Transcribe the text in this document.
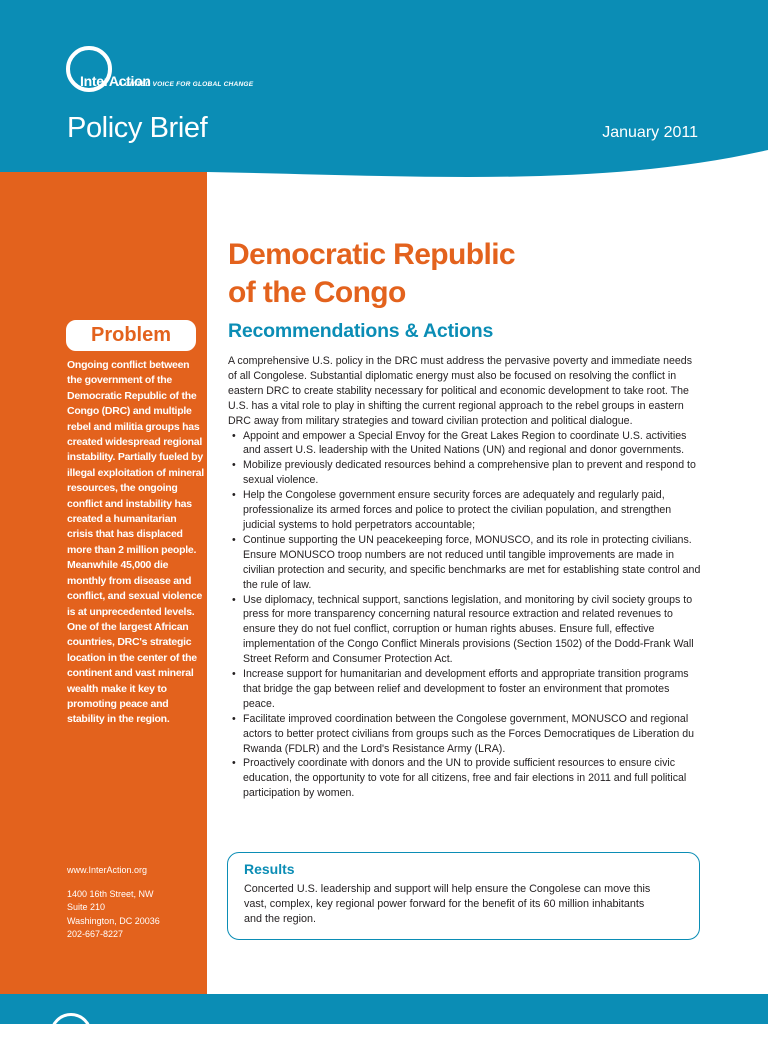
InterAction
A UNITED VOICE FOR GLOBAL CHANGE
Policy Brief	January 2011
Problem
Ongoing conflict between the government of the Democratic Republic of the Congo (DRC) and multiple rebel and militia groups has created widespread regional instability. Partially fueled by illegal exploitation of mineral resources, the ongoing conflict and instability has created a humanitarian crisis that has displaced more than 2 million people. Meanwhile 45,000 die monthly from disease and conflict, and sexual violence is at unprecedented levels. One of the largest African countries, DRC's strategic location in the center of the continent and vast mineral wealth make it key to promoting peace and stability in the region.
www.InterAction.org
1400 16th Street, NW
Suite 210
Washington, DC 20036
202-667-8227
Democratic Republic
of the Congo
Recommendations & Actions

A comprehensive U.S. policy in the DRC must address the pervasive poverty and immediate needs of all Congolese. Substantial diplomatic energy must also be focused on resolving the conflict in eastern DRC to create stability necessary for political and economic development to take root. The U.S. has a vital role to play in shifting the current regional approach to the rebel groups in eastern DRC away from military strategies and toward civilian protection and political dialogue.

• Appoint and empower a Special Envoy for the Great Lakes Region to coordinate U.S. activities and assert U.S. leadership with the United Nations (UN) and regional and donor governments.
• Mobilize previously dedicated resources behind a comprehensive plan to prevent and respond to sexual violence.
• Help the Congolese government ensure security forces are adequately and regularly paid, professionalize its armed forces and police to protect the civilian population, and strengthen judicial systems to hold perpetrators accountable;
• Continue supporting the UN peacekeeping force, MONUSCO, and its role in protecting civilians. Ensure MONUSCO troop numbers are not reduced until tangible improvements are made in civilian protection and security, and specific benchmarks are met for establishing state control and the rule of law.
• Use diplomacy, technical support, sanctions legislation, and monitoring by civil society groups to press for more transparency concerning natural resource extraction and related revenues to ensure they do not fuel conflict, corruption or human rights abuses. Ensure full, effective implementation of the Congo Conflict Minerals provisions (Section 1502) of the Dodd-Frank Wall Street Reform and Consumer Protection Act.
• Increase support for humanitarian and development efforts and appropriate transition programs that bridge the gap between relief and development to foster an environment that promotes peace.
• Facilitate improved coordination between the Congolese government, MONUSCO and regional actors to better protect civilians from groups such as the Forces Democratiques de Liberation du Rwanda (FDLR) and the Lord's Resistance Army (LRA).
• Proactively coordinate with donors and the UN to provide sufficient resources to ensure civic education, the opportunity to vote for all citizens, free and fair elections in 2011 and full political participation by women.
Results
Concerted U.S. leadership and support will help ensure the Congolese can move this vast, complex, key regional power forward for the benefit of its 60 million inhabitants and the region.
